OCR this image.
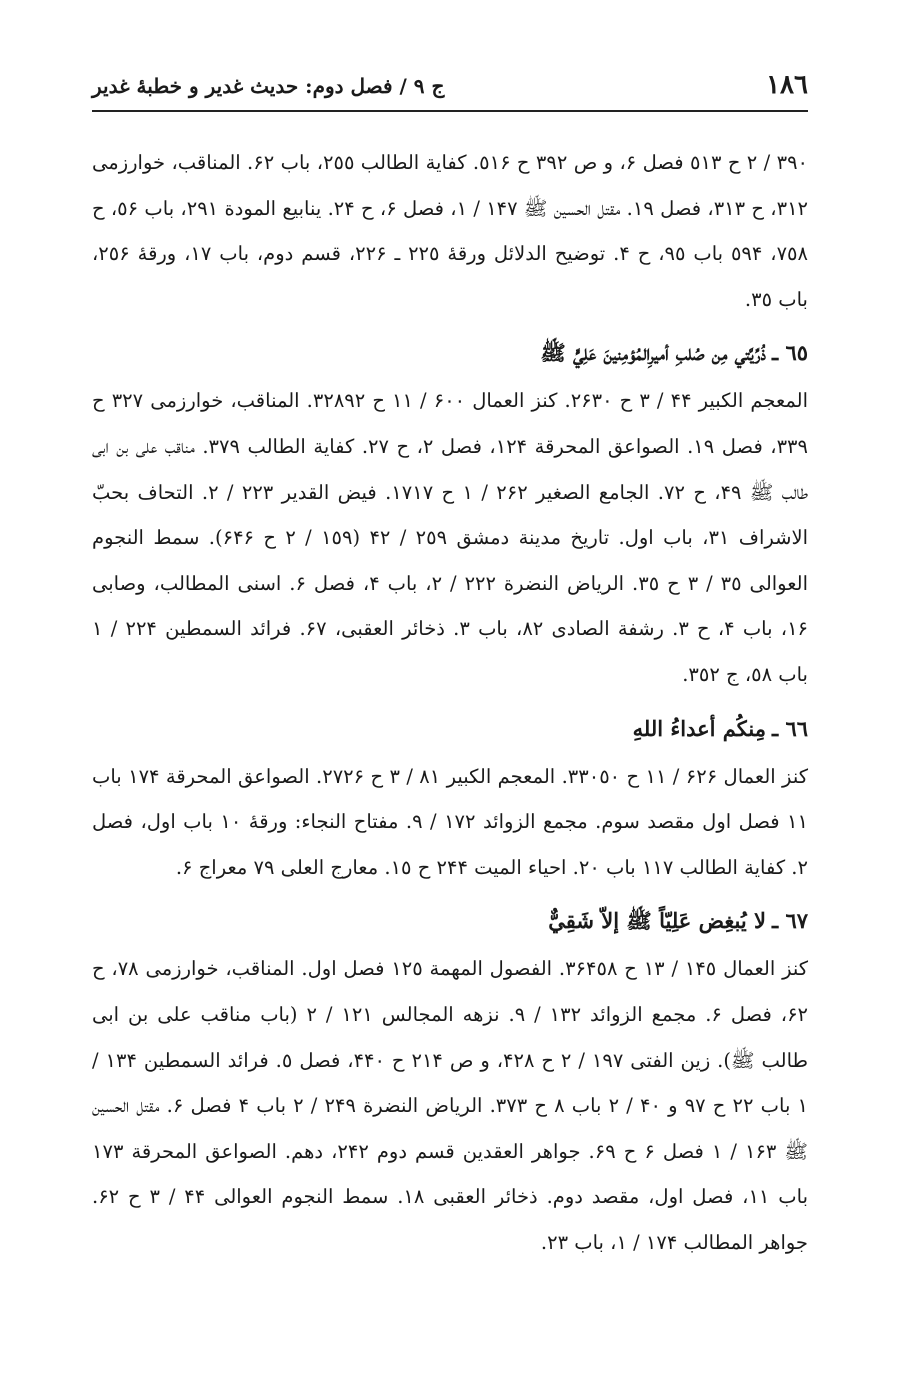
١٨٦
ج ٩ / فصل دوم: حديث غدير و خطبهٔ غدير

٣٩٠ / ٢ ح ٥١٣ فصل ۶، و ص ٣٩٢ ح ٥١۶. كفاية الطالب ٢٥٥، باب ۶٢. المناقب، خوارزمى ٣١٢، ح ٣١٣، فصل ١٩. مقتل الحسين ﷺ ١۴٧ / ١، فصل ۶، ح ٢۴. ينابيع المودة ٢٩١، باب ٥۶، ح ٧٥٨، ٥٩۴ باب ٩٥، ح ۴. توضيح الدلائل ورقهٔ ٢٢٥ ـ ٢٢۶، قسم دوم، باب ١٧، ورقهٔ ٢٥۶، باب ٣٥.

٦٥ ـ
ذُرِّيَّتي مِن صُلبِ أميرِالمُؤمِنينَ عَلِيٍّ ﷺ

المعجم الكبير ۴۴ / ٣ ح ٢۶٣٠. كنز العمال ۶٠٠ / ١١ ح ٣٢٨٩٢. المناقب، خوارزمى ٣٢٧ ح ٣٣٩، فصل ١٩. الصواعق المحرقة ١٢۴، فصل ٢، ح ٢٧. كفاية الطالب ٣٧٩. مناقب على بن ابى طالب ﷺ ۴٩، ح ٧٢. الجامع الصغير ٢۶٢ / ١ ح ١٧١٧. فيض القدير ٢٢٣ / ٢. التحاف بحبّ الاشراف ٣١، باب اول. تاريخ مدينة دمشق ٢٥٩ / ۴٢ (١٥٩ / ٢ ح ۶۴۶). سمط النجوم العوالى ٣٥ / ٣ ح ٣٥. الرياض النضرة ٢٢٢ / ٢، باب ۴، فصل ۶. اسنى المطالب، وصابى ١۶، باب ۴، ح ٣. رشفة الصادى ٨٢، باب ٣. ذخائر العقبى، ۶٧. فرائد السمطين ٢٢۴ / ١ باب ٥٨، ج ٣٥٢.

٦٦ ـ
مِنكُم أعداءُ اللهِ

كنز العمال ۶٢۶ / ١١ ح ٣٣٠٥٠. المعجم الكبير ٨١ / ٣ ح ٢٧٢۶. الصواعق المحرقة ١٧۴ باب ١١ فصل اول مقصد سوم. مجمع الزوائد ١٧٢ / ٩. مفتاح النجاء: ورقهٔ ١٠ باب اول، فصل ٢. كفاية الطالب ١١٧ باب ٢٠. احياء الميت ٢۴۴ ح ١٥. معارج العلى ٧٩ معراج ۶.

٦٧ ـ
لا يُبغِض عَلِيّاً ﷺ إلاّ شَقِيٌّ

كنز العمال ١۴٥ / ١٣ ح ٣۶۴٥٨. الفصول المهمة ١٢٥ فصل اول. المناقب، خوارزمى ٧٨، ح ۶٢، فصل ۶. مجمع الزوائد ١٣٢ / ٩. نزهه المجالس ١٢١ / ٢ (باب مناقب على بن ابى طالب ﷺ). زين الفتى ١٩٧ / ٢ ح ۴٢٨، و ص ٢١۴ ح ۴۴٠، فصل ٥. فرائد السمطين ١٣۴ / ١ باب ٢٢ ح ٩٧ و ۴٠ / ٢ باب ٨ ح ٣٧٣. الرياض النضرة ٢۴٩ / ٢ باب ۴ فصل ۶. مقتل الحسين ﷺ ١۶٣ / ١ فصل ۶ ح ۶٩. جواهر العقدين قسم دوم ٢۴٢، دهم. الصواعق المحرقة ١٧٣ باب ١١، فصل اول، مقصد دوم. ذخائر العقبى ١٨. سمط النجوم العوالى ۴۴ / ٣ ح ۶٢. جواهر المطالب ١٧۴ / ١، باب ٢٣.
